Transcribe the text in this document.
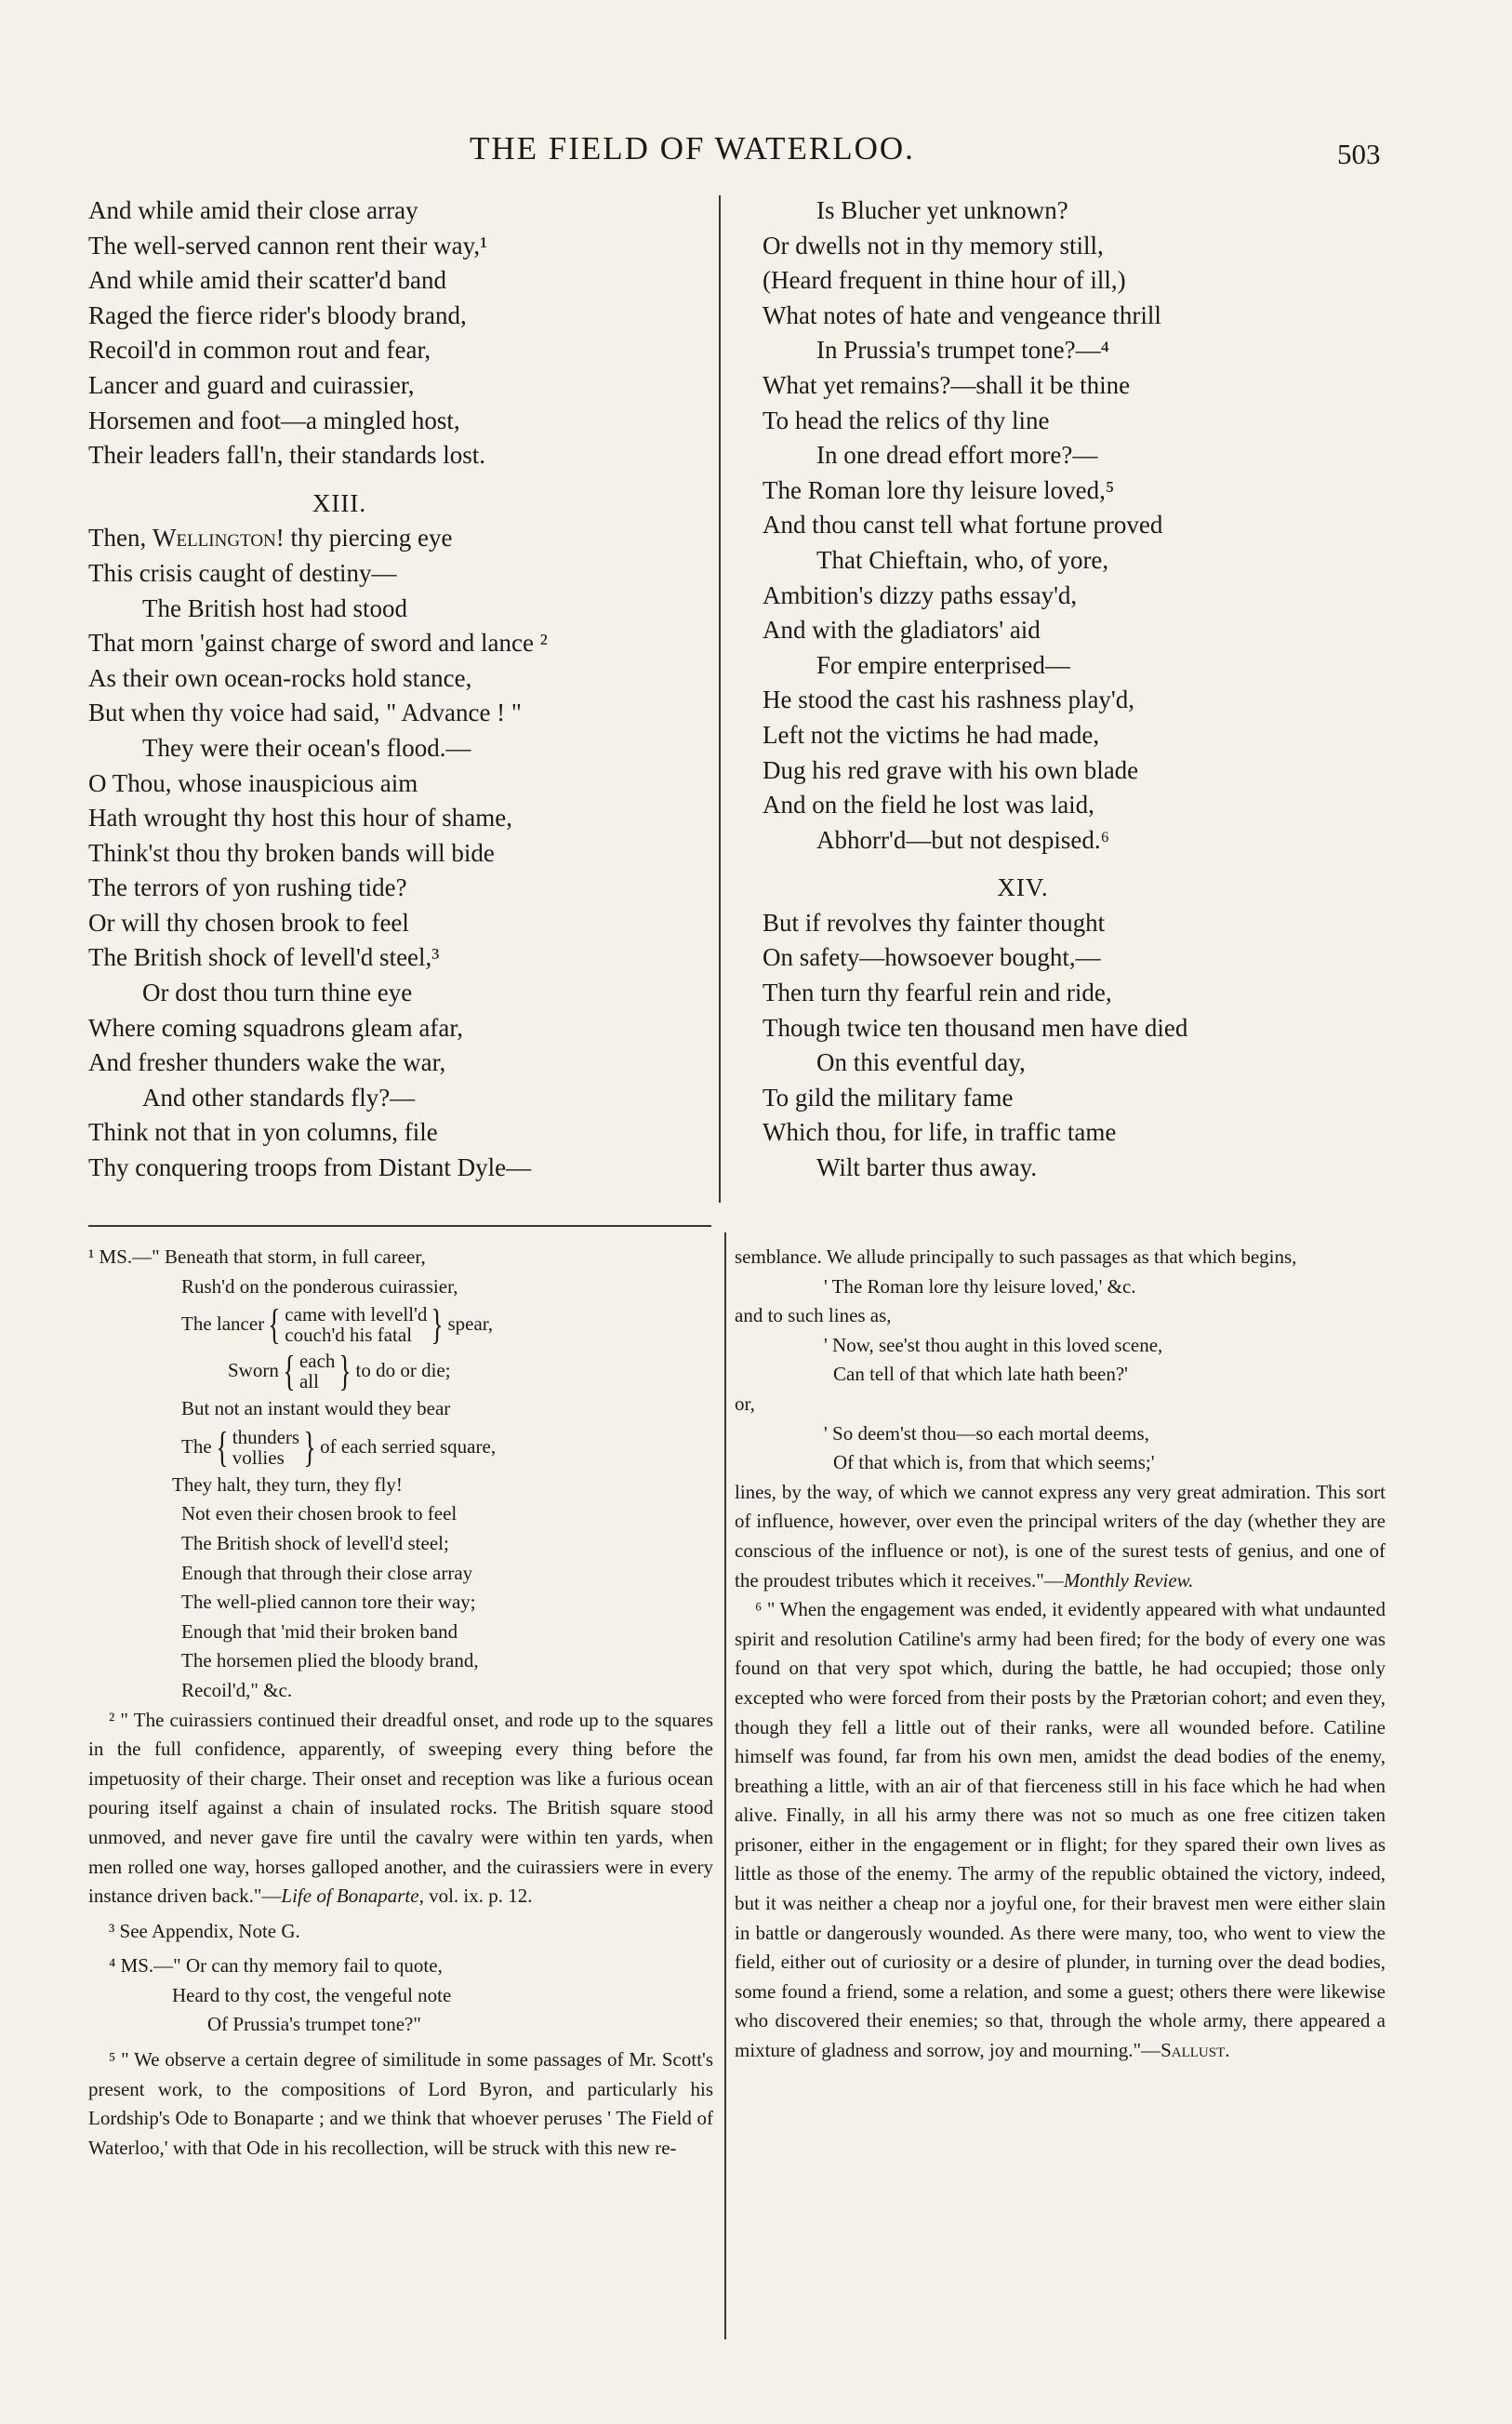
THE FIELD OF WATERLOO.	503
And while amid their close array
The well-served cannon rent their way,¹
And while amid their scatter'd band
Raged the fierce rider's bloody brand,
Recoil'd in common rout and fear,
Lancer and guard and cuirassier,
Horsemen and foot—a mingled host,
Their leaders fall'n, their standards lost.
XIII.
Then, Wellington! thy piercing eye
This crisis caught of destiny—
The British host had stood
That morn 'gainst charge of sword and lance ²
As their own ocean-rocks hold stance,
But when thy voice had said, " Advance ! "
They were their ocean's flood.—
O Thou, whose inauspicious aim
Hath wrought thy host this hour of shame,
Think'st thou thy broken bands will bide
The terrors of yon rushing tide?
Or will thy chosen brook to feel
The British shock of levell'd steel,³
Or dost thou turn thine eye
Where coming squadrons gleam afar,
And fresher thunders wake the war,
And other standards fly?—
Think not that in yon columns, file
Thy conquering troops from Distant Dyle—
Is Blucher yet unknown?
Or dwells not in thy memory still,
(Heard frequent in thine hour of ill,)
What notes of hate and vengeance thrill
In Prussia's trumpet tone?—⁴
What yet remains?—shall it be thine
To head the relics of thy line
In one dread effort more?—
The Roman lore thy leisure loved,⁵
And thou canst tell what fortune proved
That Chieftain, who, of yore,
Ambition's dizzy paths essay'd,
And with the gladiators' aid
For empire enterprised—
He stood the cast his rashness play'd,
Left not the victims he had made,
Dug his red grave with his own blade
And on the field he lost was laid,
Abhorr'd—but not despised.⁶
XIV.
But if revolves thy fainter thought
On safety—howsoever bought,—
Then turn thy fearful rein and ride,
Though twice ten thousand men have died
On this eventful day,
To gild the military fame
Which thou, for life, in traffic tame
Wilt barter thus away.
¹ MS.—" Beneath that storm, in full career,
Rush'd on the ponderous cuirassier,
The lancer { came with levell'd
couch'd his fatal } spear,
Sworn { each
all } to do or die;
But not an instant would they bear
The { thunders
vollies } of each serried square,
They halt, they turn, they fly!
Not even their chosen brook to feel
The British shock of levell'd steel;
Enough that through their close array
The well-plied cannon tore their way;
Enough that 'mid their broken band
The horsemen plied the bloody brand,
Recoil'd," &c.

² " The cuirassiers continued their dreadful onset, and rode up to the squares in the full confidence, apparently, of sweeping every thing before the impetuosity of their charge. Their onset and reception was like a furious ocean pouring itself against a chain of insulated rocks. The British square stood unmoved, and never gave fire until the cavalry were within ten yards, when men rolled one way, horses galloped another, and the cuirassiers were in every instance driven back."—Life of Bonaparte, vol. ix. p. 12.

³ See Appendix, Note G.
⁴ MS.—" Or can thy memory fail to quote,
Heard to thy cost, the vengeful note
Of Prussia's trumpet tone?"

⁵ " We observe a certain degree of similitude in some passages of Mr. Scott's present work, to the compositions of Lord Byron, and particularly his Lordship's Ode to Bonaparte ; and we think that whoever peruses ' The Field of Waterloo,' with that Ode in his recollection, will be struck with this new re-

semblance. We allude principally to such passages as that which begins,

' The Roman lore thy leisure loved,' &c.
and to such lines as,
' Now, see'st thou aught in this loved scene,
Can tell of that which late hath been?'
or,
' So deem'st thou—so each mortal deems,
Of that which is, from that which seems;'

lines, by the way, of which we cannot express any very great admiration. This sort of influence, however, over even the principal writers of the day (whether they are conscious of the influence or not), is one of the surest tests of genius, and one of the proudest tributes which it receives."—Monthly Review.

⁶ " When the engagement was ended, it evidently appeared with what undaunted spirit and resolution Catiline's army had been fired; for the body of every one was found on that very spot which, during the battle, he had occupied; those only excepted who were forced from their posts by the Prætorian cohort; and even they, though they fell a little out of their ranks, were all wounded before. Catiline himself was found, far from his own men, amidst the dead bodies of the enemy, breathing a little, with an air of that fierceness still in his face which he had when alive. Finally, in all his army there was not so much as one free citizen taken prisoner, either in the engagement or in flight; for they spared their own lives as little as those of the enemy. The army of the republic obtained the victory, indeed, but it was neither a cheap nor a joyful one, for their bravest men were either slain in battle or dangerously wounded. As there were many, too, who went to view the field, either out of curiosity or a desire of plunder, in turning over the dead bodies, some found a friend, some a relation, and some a guest; others there were likewise who discovered their enemies; so that, through the whole army, there appeared a mixture of gladness and sorrow, joy and mourning."—Sallust.
